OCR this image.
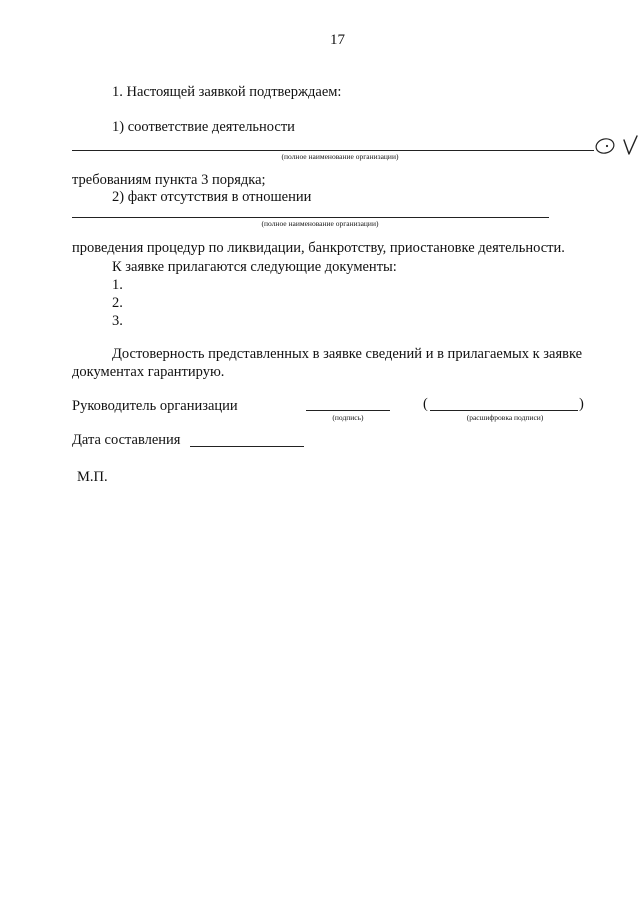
17
1. Настоящей заявкой подтверждаем:
1) соответствие деятельности
(полное наименование организации)
требованиям пункта 3 порядка;
2) факт отсутствия в отношении
(полное наименование организации)
проведения процедур по ликвидации, банкротству, приостановке деятельности.
К заявке прилагаются следующие документы:
1.
2.
3.
Достоверность представленных в заявке сведений и в прилагаемых к заявке
документах гарантирую.
Руководитель организации
(подпись)
(	)
(расшифровка подписи)
Дата составления
М.П.
